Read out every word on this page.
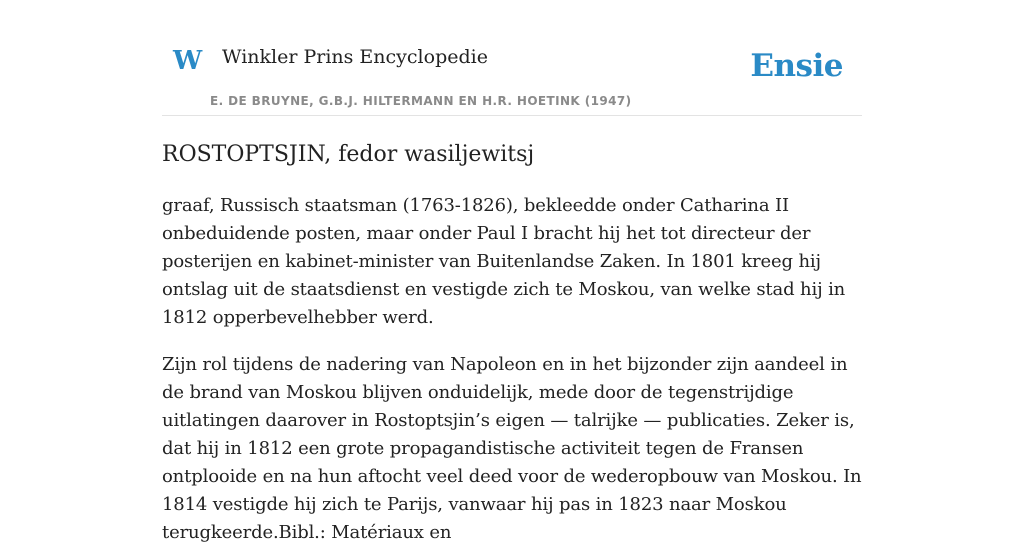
W Winkler Prins Encyclopedie
E. DE BRUYNE, G.B.J. HILTERMANN EN H.R. HOETINK (1947)
Ensie
ROSTOPTSJIN, fedor wasiljewitsj

graaf, Russisch staatsman (1763-1826), bekleedde onder Catharina II onbeduidende posten, maar onder Paul I bracht hij het tot directeur der posterijen en kabinet-minister van Buitenlandse Zaken. In 1801 kreeg hij ontslag uit de staatsdienst en vestigde zich te Moskou, van welke stad hij in 1812 opperbevelhebber werd.

Zijn rol tijdens de nadering van Napoleon en in het bijzonder zijn aandeel in de brand van Moskou blijven onduidelijk, mede door de tegenstrijdige uitlatingen daarover in Rostoptsjin’s eigen — talrijke — publicaties. Zeker is, dat hij in 1812 een grote propagandistische activiteit tegen de Fransen ontplooide en na hun aftocht veel deed voor de wederopbouw van Moskou. In 1814 vestigde hij zich te Parijs, vanwaar hij pas in 1823 naar Moskou terugkeerde.Bibl.: Matériaux en
